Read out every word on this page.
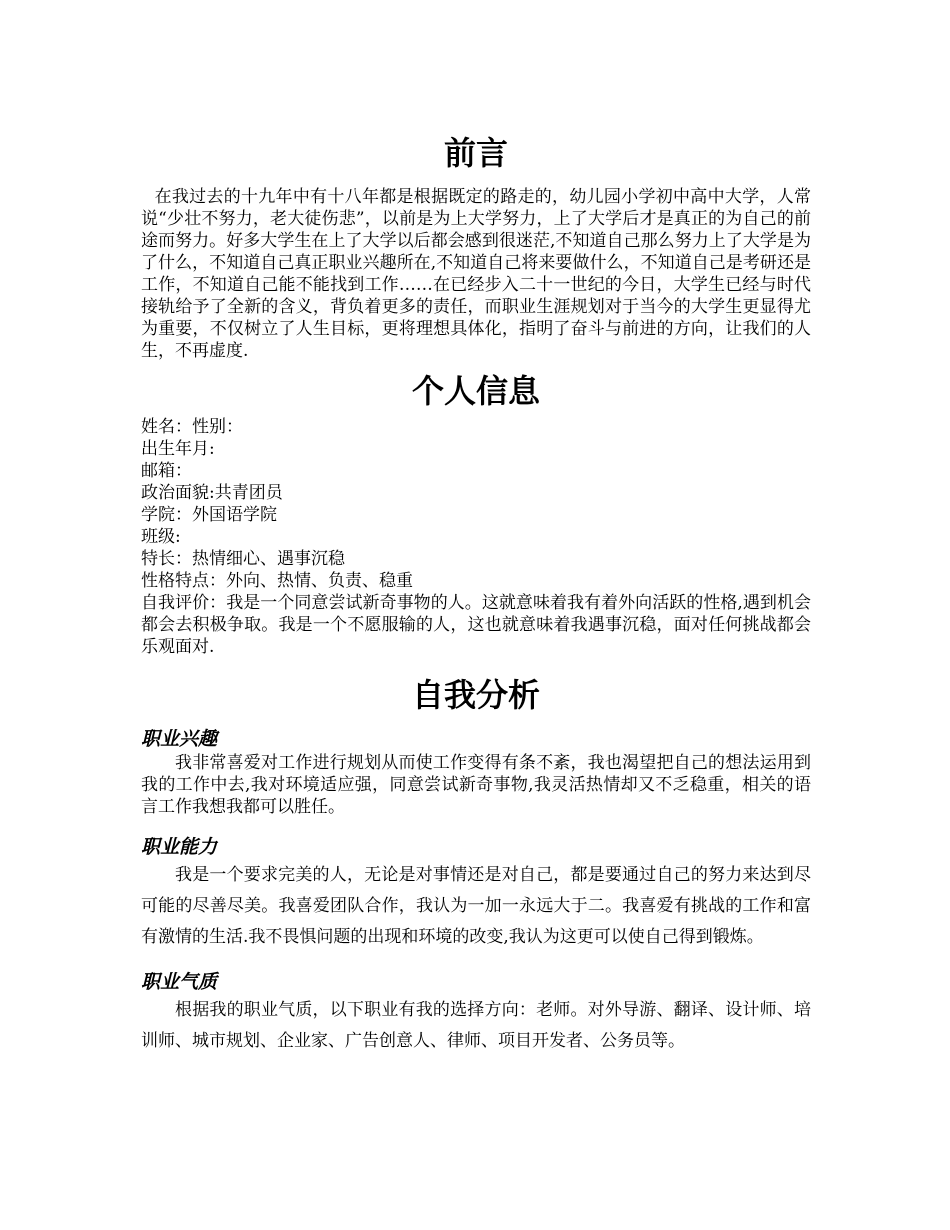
前言

在我过去的十九年中有十八年都是根据既定的路走的，幼儿园小学初中高中大学，人常说“少壮不努力，老大徒伤悲”，以前是为上大学努力，上了大学后才是真正的为自己的前途而努力。好多大学生在上了大学以后都会感到很迷茫,不知道自己那么努力上了大学是为了什么，不知道自己真正职业兴趣所在,不知道自己将来要做什么，不知道自己是考研还是工作，不知道自己能不能找到工作……在已经步入二十一世纪的今日，大学生已经与时代接轨给予了全新的含义，背负着更多的责任，而职业生涯规划对于当今的大学生更显得尤为重要，不仅树立了人生目标，更将理想具体化，指明了奋斗与前进的方向，让我们的人生，不再虚度.

个人信息
姓名：性别：
出生年月:
邮箱：
政治面貌:共青团员
学院：外国语学院
班级:
特长：热情细心、遇事沉稳
性格特点：外向、热情、负责、稳重

自我评价：我是一个同意尝试新奇事物的人。这就意味着我有着外向活跃的性格,遇到机会都会去积极争取。我是一个不愿服输的人，这也就意味着我遇事沉稳，面对任何挑战都会乐观面对.

自我分析
职业兴趣

我非常喜爱对工作进行规划从而使工作变得有条不紊，我也渴望把自己的想法运用到我的工作中去,我对环境适应强，同意尝试新奇事物,我灵活热情却又不乏稳重，相关的语言工作我想我都可以胜任。

职业能力

我是一个要求完美的人，无论是对事情还是对自己，都是要通过自己的努力来达到尽可能的尽善尽美。我喜爱团队合作，我认为一加一永远大于二。我喜爱有挑战的工作和富有激情的生活.我不畏惧问题的出现和环境的改变,我认为这更可以使自己得到锻炼。

职业气质

根据我的职业气质，以下职业有我的选择方向：老师。对外导游、翻译、设计师、培训师、城市规划、企业家、广告创意人、律师、项目开发者、公务员等。
